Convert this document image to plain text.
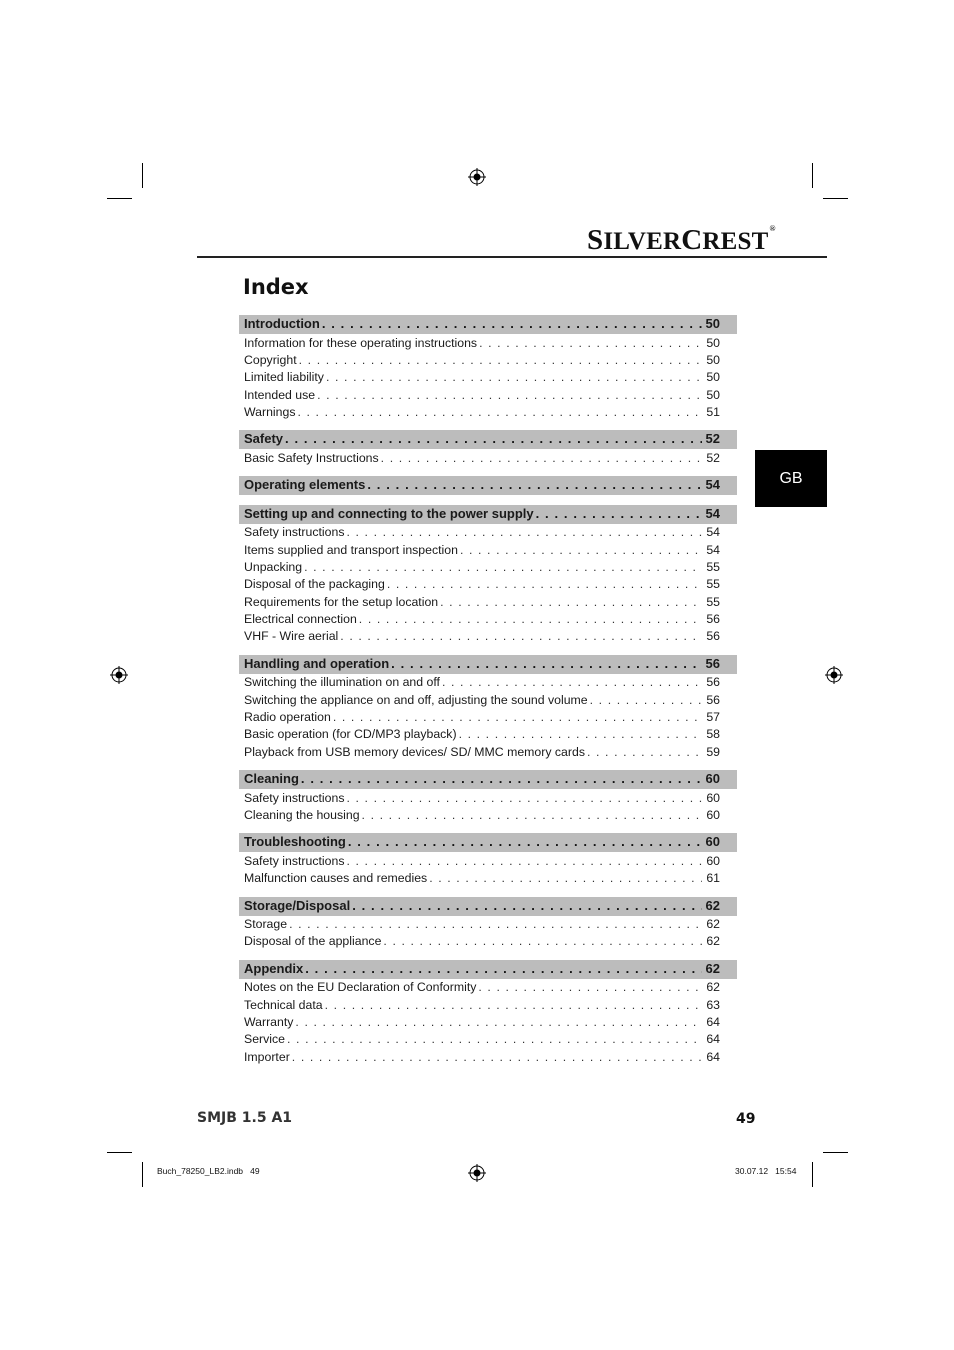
SILVERCREST®
Index
GB
Introduction . . .	50
Information for these operating instructions . . .	50
Copyright . . .	50
Limited liability . . .	50
Intended use . . .	50
Warnings . . .	51
Safety . . .	52
Basic Safety Instructions . . .	52
Operating elements . . .	54
Setting up and connecting to the power supply . . .	54
Safety instructions . . .	54
Items supplied and transport inspection . . .	54
Unpacking . . .	55
Disposal of the packaging . . .	55
Requirements for the setup location . . .	55
Electrical connection . . .	56
VHF - Wire aerial . . .	56
Handling and operation . . .	56
Switching the illumination on and off . . .	56
Switching the appliance on and off, adjusting the sound volume . . .	56
Radio operation . . .	57
Basic operation (for CD/MP3 playback) . . .	58
Playback from USB memory devices/ SD/ MMC memory cards . . .	59
Cleaning . . .	60
Safety instructions . . .	60
Cleaning the housing . . .	60
Troubleshooting . . .	60
Safety instructions . . .	60
Malfunction causes and remedies . . .	61
Storage/Disposal . . .	62
Storage . . .	62
Disposal of the appliance . . .	62
Appendix . . .	62
Notes on the EU Declaration of Conformity . . .	62
Technical data . . .	63
Warranty . . .	64
Service . . .	64
Importer . . .	64
SMJB 1.5 A1	49
Buch_78250_LB2.indb   49	30.07.12   15:54
